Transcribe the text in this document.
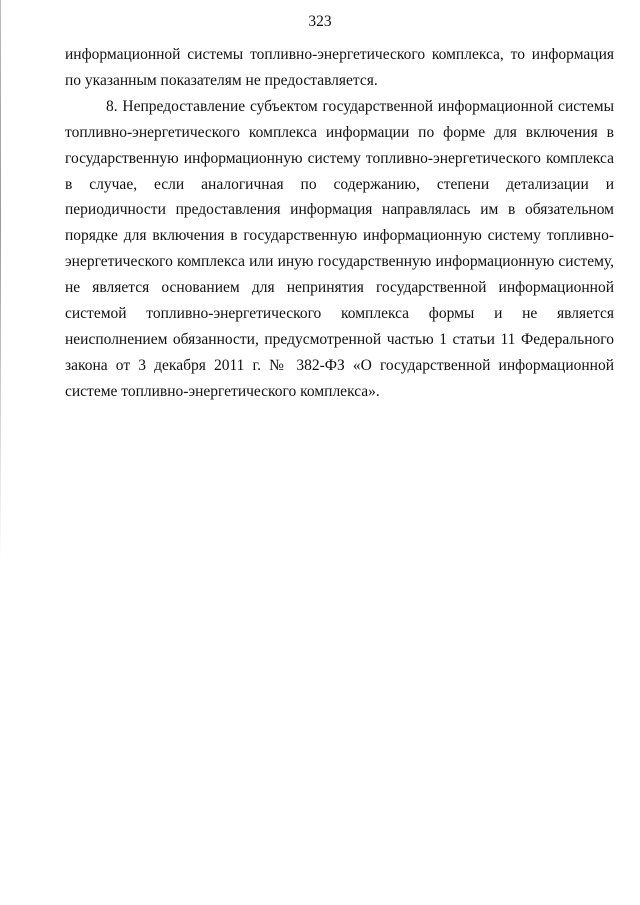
323

информационной системы топливно-энергетического комплекса, то информация по указанным показателям не предоставляется.

8. Непредоставление субъектом государственной информационной системы топливно-энергетического комплекса информации по форме для включения в государственную информационную систему топливно-энергетического комплекса в случае, если аналогичная по содержанию, степени детализации и периодичности предоставления информация направлялась им в обязательном порядке для включения в государственную информационную систему топливно-энергетического комплекса или иную государственную информационную систему, не является основанием для непринятия государственной информационной системой топливно-энергетического комплекса формы и не является неисполнением обязанности, предусмотренной частью 1 статьи 11 Федерального закона от 3 декабря 2011 г. № 382-ФЗ «О государственной информационной системе топливно-энергетического комплекса».
